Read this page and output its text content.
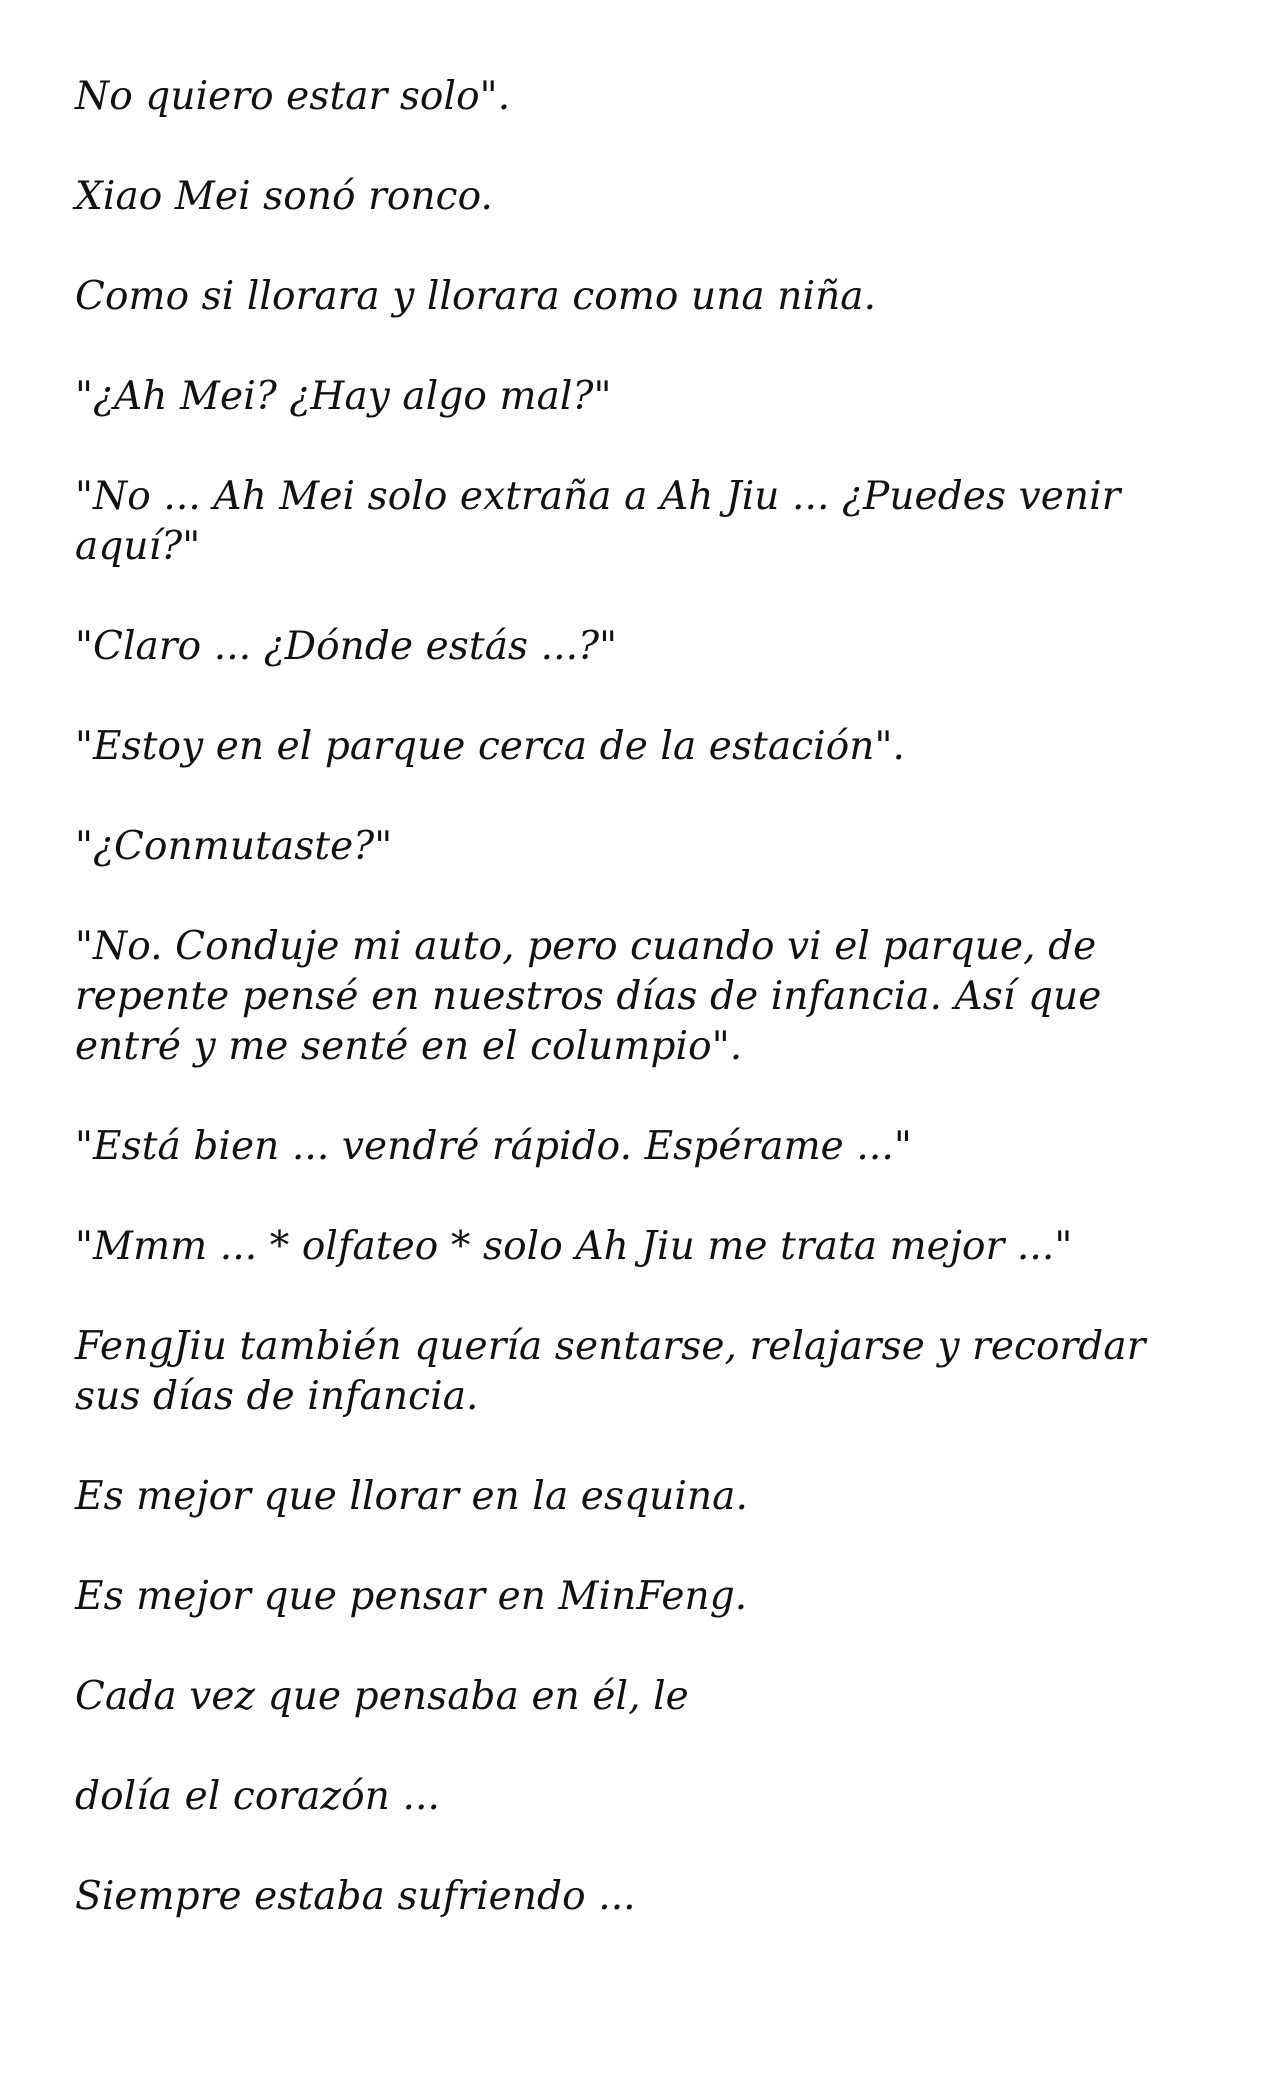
No quiero estar solo".

Xiao Mei sonó ronco.

Como si llorara y llorara como una niña.

"¿Ah Mei? ¿Hay algo mal?"

"No ... Ah Mei solo extraña a Ah Jiu ... ¿Puedes venir aquí?"

"Claro ... ¿Dónde estás ...?"

"Estoy en el parque cerca de la estación".

"¿Conmutaste?"

"No. Conduje mi auto, pero cuando vi el parque, de repente pensé en nuestros días de infancia. Así que entré y me senté en el columpio".

"Está bien ... vendré rápido. Espérame ..."

"Mmm ... * olfateo * solo Ah Jiu me trata mejor ..."

FengJiu también quería sentarse, relajarse y recordar sus días de infancia.

Es mejor que llorar en la esquina.

Es mejor que pensar en MinFeng.

Cada vez que pensaba en él, le

dolía el corazón ...

Siempre estaba sufriendo ...
